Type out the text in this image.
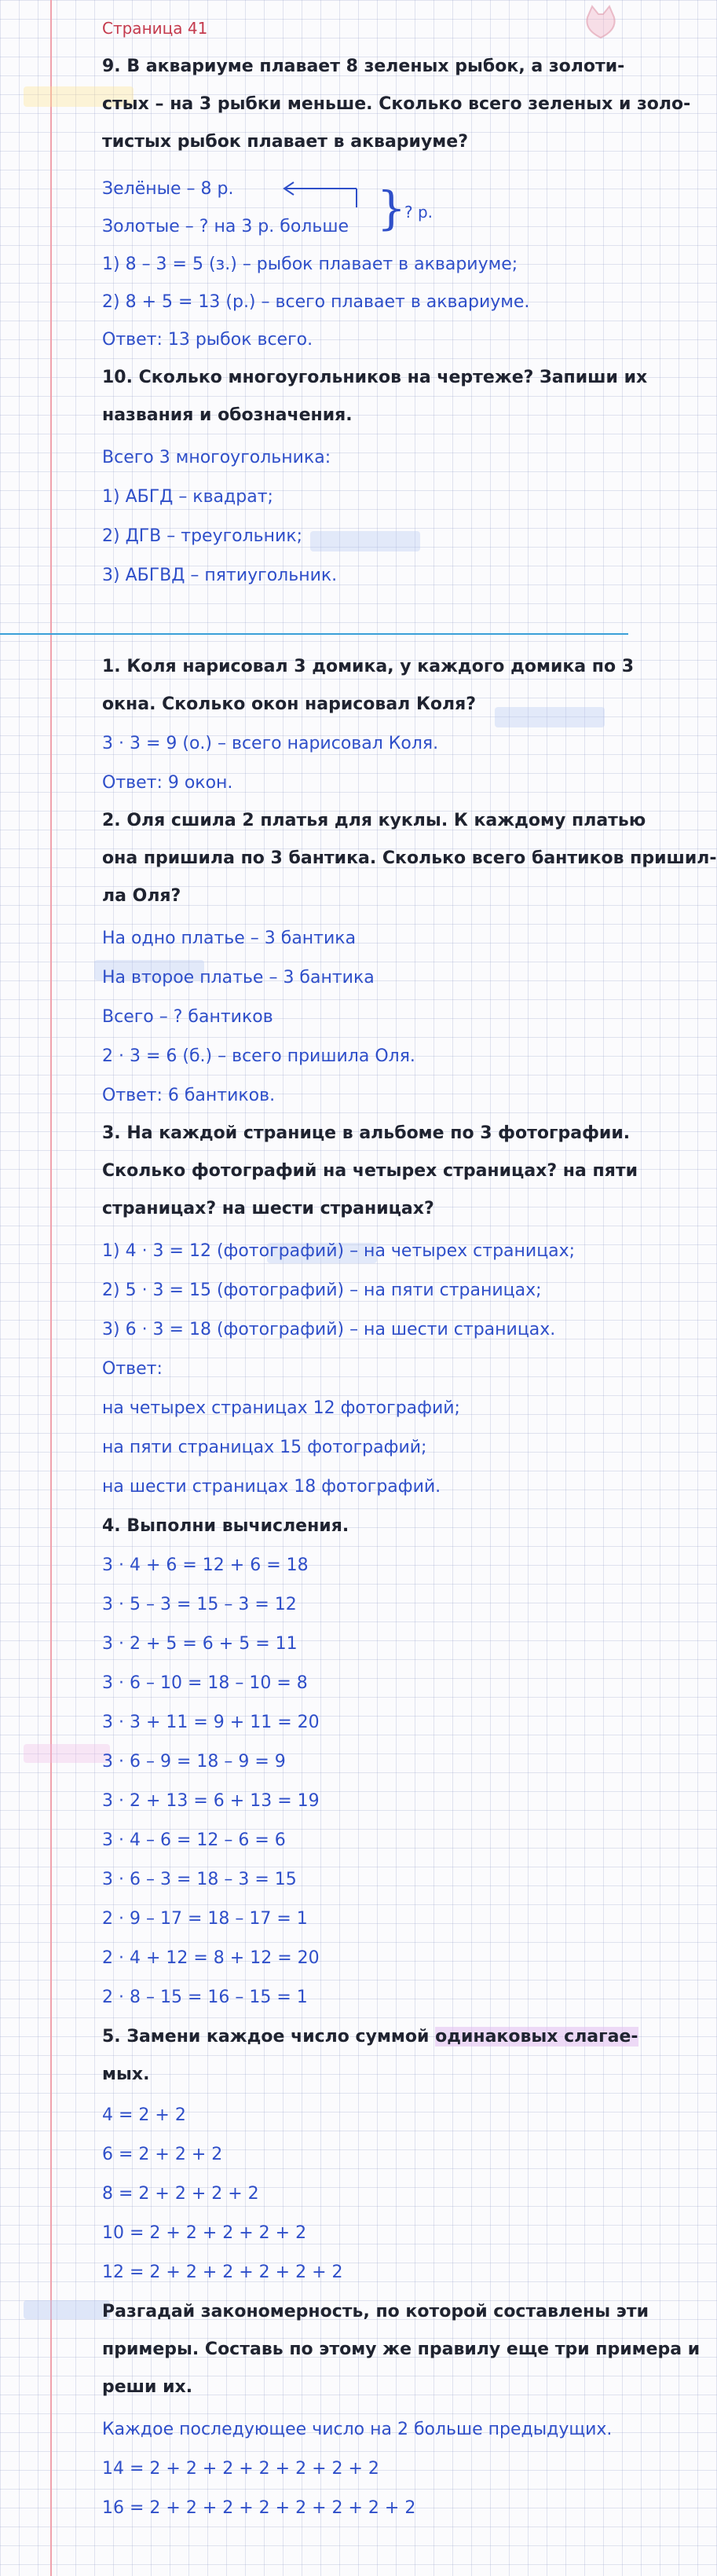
Страница 41
9. В аквариуме плавает 8 зеленых рыбок, а золоти-
стых – на 3 рыбки меньше. Сколько всего зеленых и золо-
тистых рыбок плавает в аквариуме?
Зелёные – 8 р.
Золотые – ? на 3 р. больше }
? р.
1) 8 – 3 = 5 (з.) – рыбок плавает в аквариуме;
2) 8 + 5 = 13 (р.) – всего плавает в аквариуме.
Ответ: 13 рыбок всего.
10. Сколько многоугольников на чертеже? Запиши их
названия и обозначения.
Всего 3 многоугольника:
1) АБГД – квадрат;
2) ДГВ – треугольник;
3) АБГВД – пятиугольник.
1. Коля нарисовал 3 домика, у каждого домика по 3
окна. Сколько окон нарисовал Коля?
3 · 3 = 9 (о.) – всего нарисовал Коля.
Ответ: 9 окон.
2. Оля сшила 2 платья для куклы. К каждому платью
она пришила по 3 бантика. Сколько всего бантиков пришил-
ла Оля?
На одно платье – 3 бантика
На второе платье – 3 бантика
Всего – ? бантиков
2 · 3 = 6 (б.) – всего пришила Оля.
Ответ: 6 бантиков.
3. На каждой странице в альбоме по 3 фотографии.
Сколько фотографий на четырех страницах? на пяти
страницах? на шести страницах?
1) 4 · 3 = 12 (фотографий) – на четырех страницах;
2) 5 · 3 = 15 (фотографий) – на пяти страницах;
3) 6 · 3 = 18 (фотографий) – на шести страницах.
Ответ:
на четырех страницах 12 фотографий;
на пяти страницах 15 фотографий;
на шести страницах 18 фотографий.
4. Выполни вычисления.
3 · 4 + 6 = 12 + 6 = 18
3 · 5 – 3 = 15 – 3 = 12
3 · 2 + 5 = 6 + 5 = 11
3 · 6 – 10 = 18 – 10 = 8
3 · 3 + 11 = 9 + 11 = 20
3 · 6 – 9 = 18 – 9 = 9
3 · 2 + 13 = 6 + 13 = 19
3 · 4 – 6 = 12 – 6 = 6
3 · 6 – 3 = 18 – 3 = 15
2 · 9 – 17 = 18 – 17 = 1
2 · 4 + 12 = 8 + 12 = 20
2 · 8 – 15 = 16 – 15 = 1
5. Замени каждое число суммой одинаковых слагае-
мых.
4 = 2 + 2
6 = 2 + 2 + 2
8 = 2 + 2 + 2 + 2
10 = 2 + 2 + 2 + 2 + 2
12 = 2 + 2 + 2 + 2 + 2 + 2
Разгадай закономерность, по которой составлены эти
примеры. Составь по этому же правилу еще три примера и
реши их.
Каждое последующее число на 2 больше предыдущих.
14 = 2 + 2 + 2 + 2 + 2 + 2 + 2
16 = 2 + 2 + 2 + 2 + 2 + 2 + 2 + 2
